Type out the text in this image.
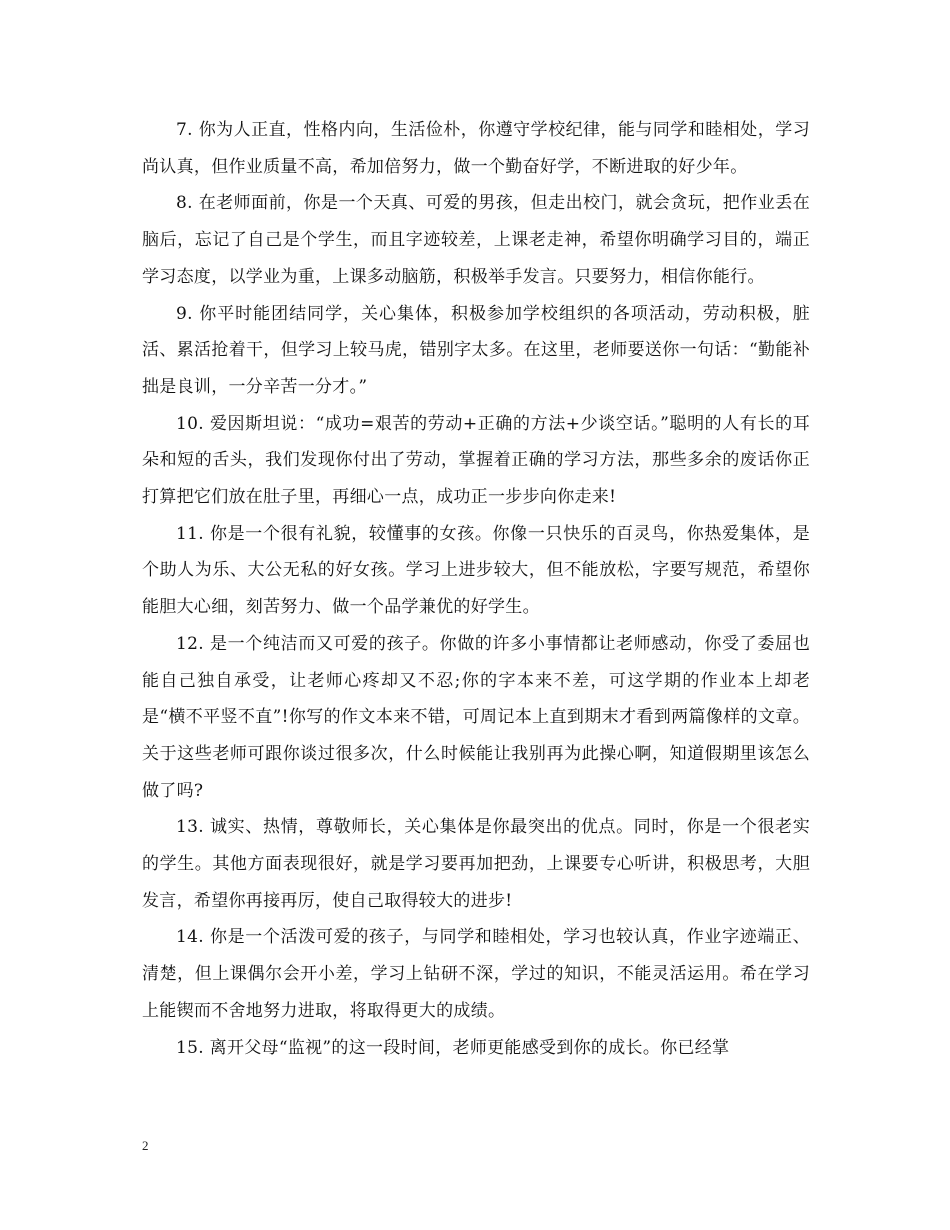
7. 你为人正直，性格内向，生活俭朴，你遵守学校纪律，能与同学和睦相处，学习尚认真，但作业质量不高，希加倍努力，做一个勤奋好学，不断进取的好少年。

8. 在老师面前，你是一个天真、可爱的男孩，但走出校门，就会贪玩，把作业丢在脑后，忘记了自己是个学生，而且字迹较差，上课老走神，希望你明确学习目的，端正学习态度，以学业为重，上课多动脑筋，积极举手发言。只要努力，相信你能行。

9. 你平时能团结同学，关心集体，积极参加学校组织的各项活动，劳动积极，脏活、累活抢着干，但学习上较马虎，错别字太多。在这里，老师要送你一句话：“勤能补拙是良训，一分辛苦一分才。”

10. 爱因斯坦说：“成功=艰苦的劳动+正确的方法+少谈空话。”聪明的人有长的耳朵和短的舌头，我们发现你付出了劳动，掌握着正确的学习方法，那些多余的废话你正打算把它们放在肚子里，再细心一点，成功正一步步向你走来!

11. 你是一个很有礼貌，较懂事的女孩。你像一只快乐的百灵鸟，你热爱集体，是个助人为乐、大公无私的好女孩。学习上进步较大，但不能放松，字要写规范，希望你能胆大心细，刻苦努力、做一个品学兼优的好学生。

12. 是一个纯洁而又可爱的孩子。你做的许多小事情都让老师感动，你受了委屈也能自己独自承受，让老师心疼却又不忍;你的字本来不差，可这学期的作业本上却老是“横不平竖不直”!你写的作文本来不错，可周记本上直到期末才看到两篇像样的文章。关于这些老师可跟你谈过很多次，什么时候能让我别再为此操心啊，知道假期里该怎么做了吗?

13. 诚实、热情，尊敬师长，关心集体是你最突出的优点。同时，你是一个很老实的学生。其他方面表现很好，就是学习要再加把劲，上课要专心听讲，积极思考，大胆发言，希望你再接再厉，使自己取得较大的进步!

14. 你是一个活泼可爱的孩子，与同学和睦相处，学习也较认真，作业字迹端正、清楚，但上课偶尔会开小差，学习上钻研不深，学过的知识，不能灵活运用。希在学习上能锲而不舍地努力进取，将取得更大的成绩。

15. 离开父母“监视”的这一段时间，老师更能感受到你的成长。你已经掌

2
